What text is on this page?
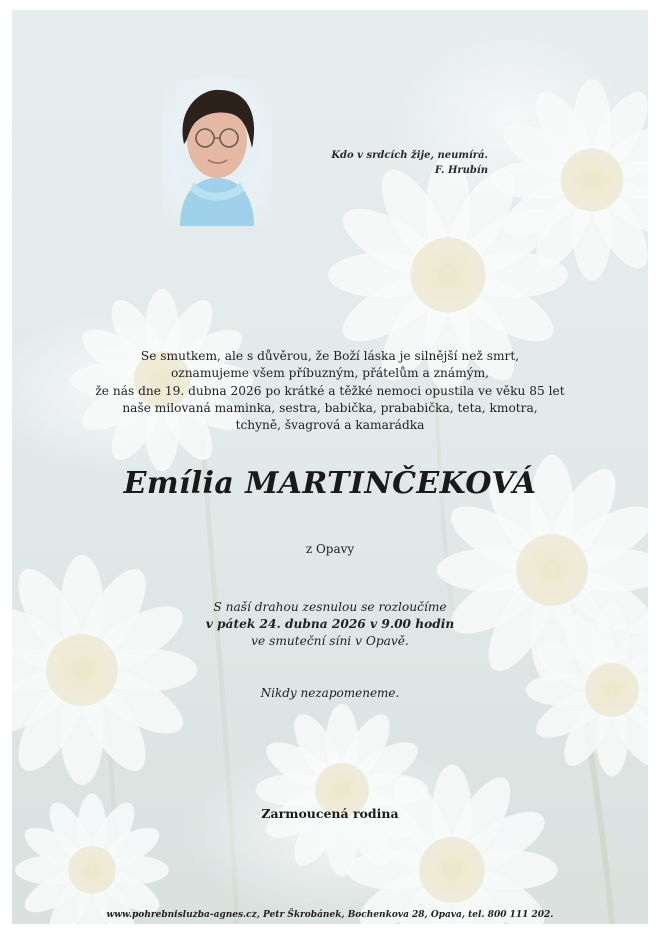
Kdo v srdcích žije, neumírá.
F. Hrubín
Se smutkem, ale s důvěrou, že Boží láska je silnější než smrt,
oznamujeme všem příbuzným, přátelům a známým,
že nás dne 19. dubna 2026 po krátké a těžké nemoci opustila ve věku 85 let
naše milovaná maminka, sestra, babička, prababička, teta, kmotra,
tchyně, švagrová a kamarádka
Emília MARTINČEKOVÁ
z Opavy
S naší drahou zesnulou se rozloučíme
v pátek 24. dubna 2026 v 9.00 hodin
ve smuteční síni v Opavě.
Nikdy nezapomeneme.
Zarmoucená rodina
www.pohrebnisluzba-agnes.cz, Petr Škrobánek, Bochenkova 28, Opava, tel. 800 111 202.
